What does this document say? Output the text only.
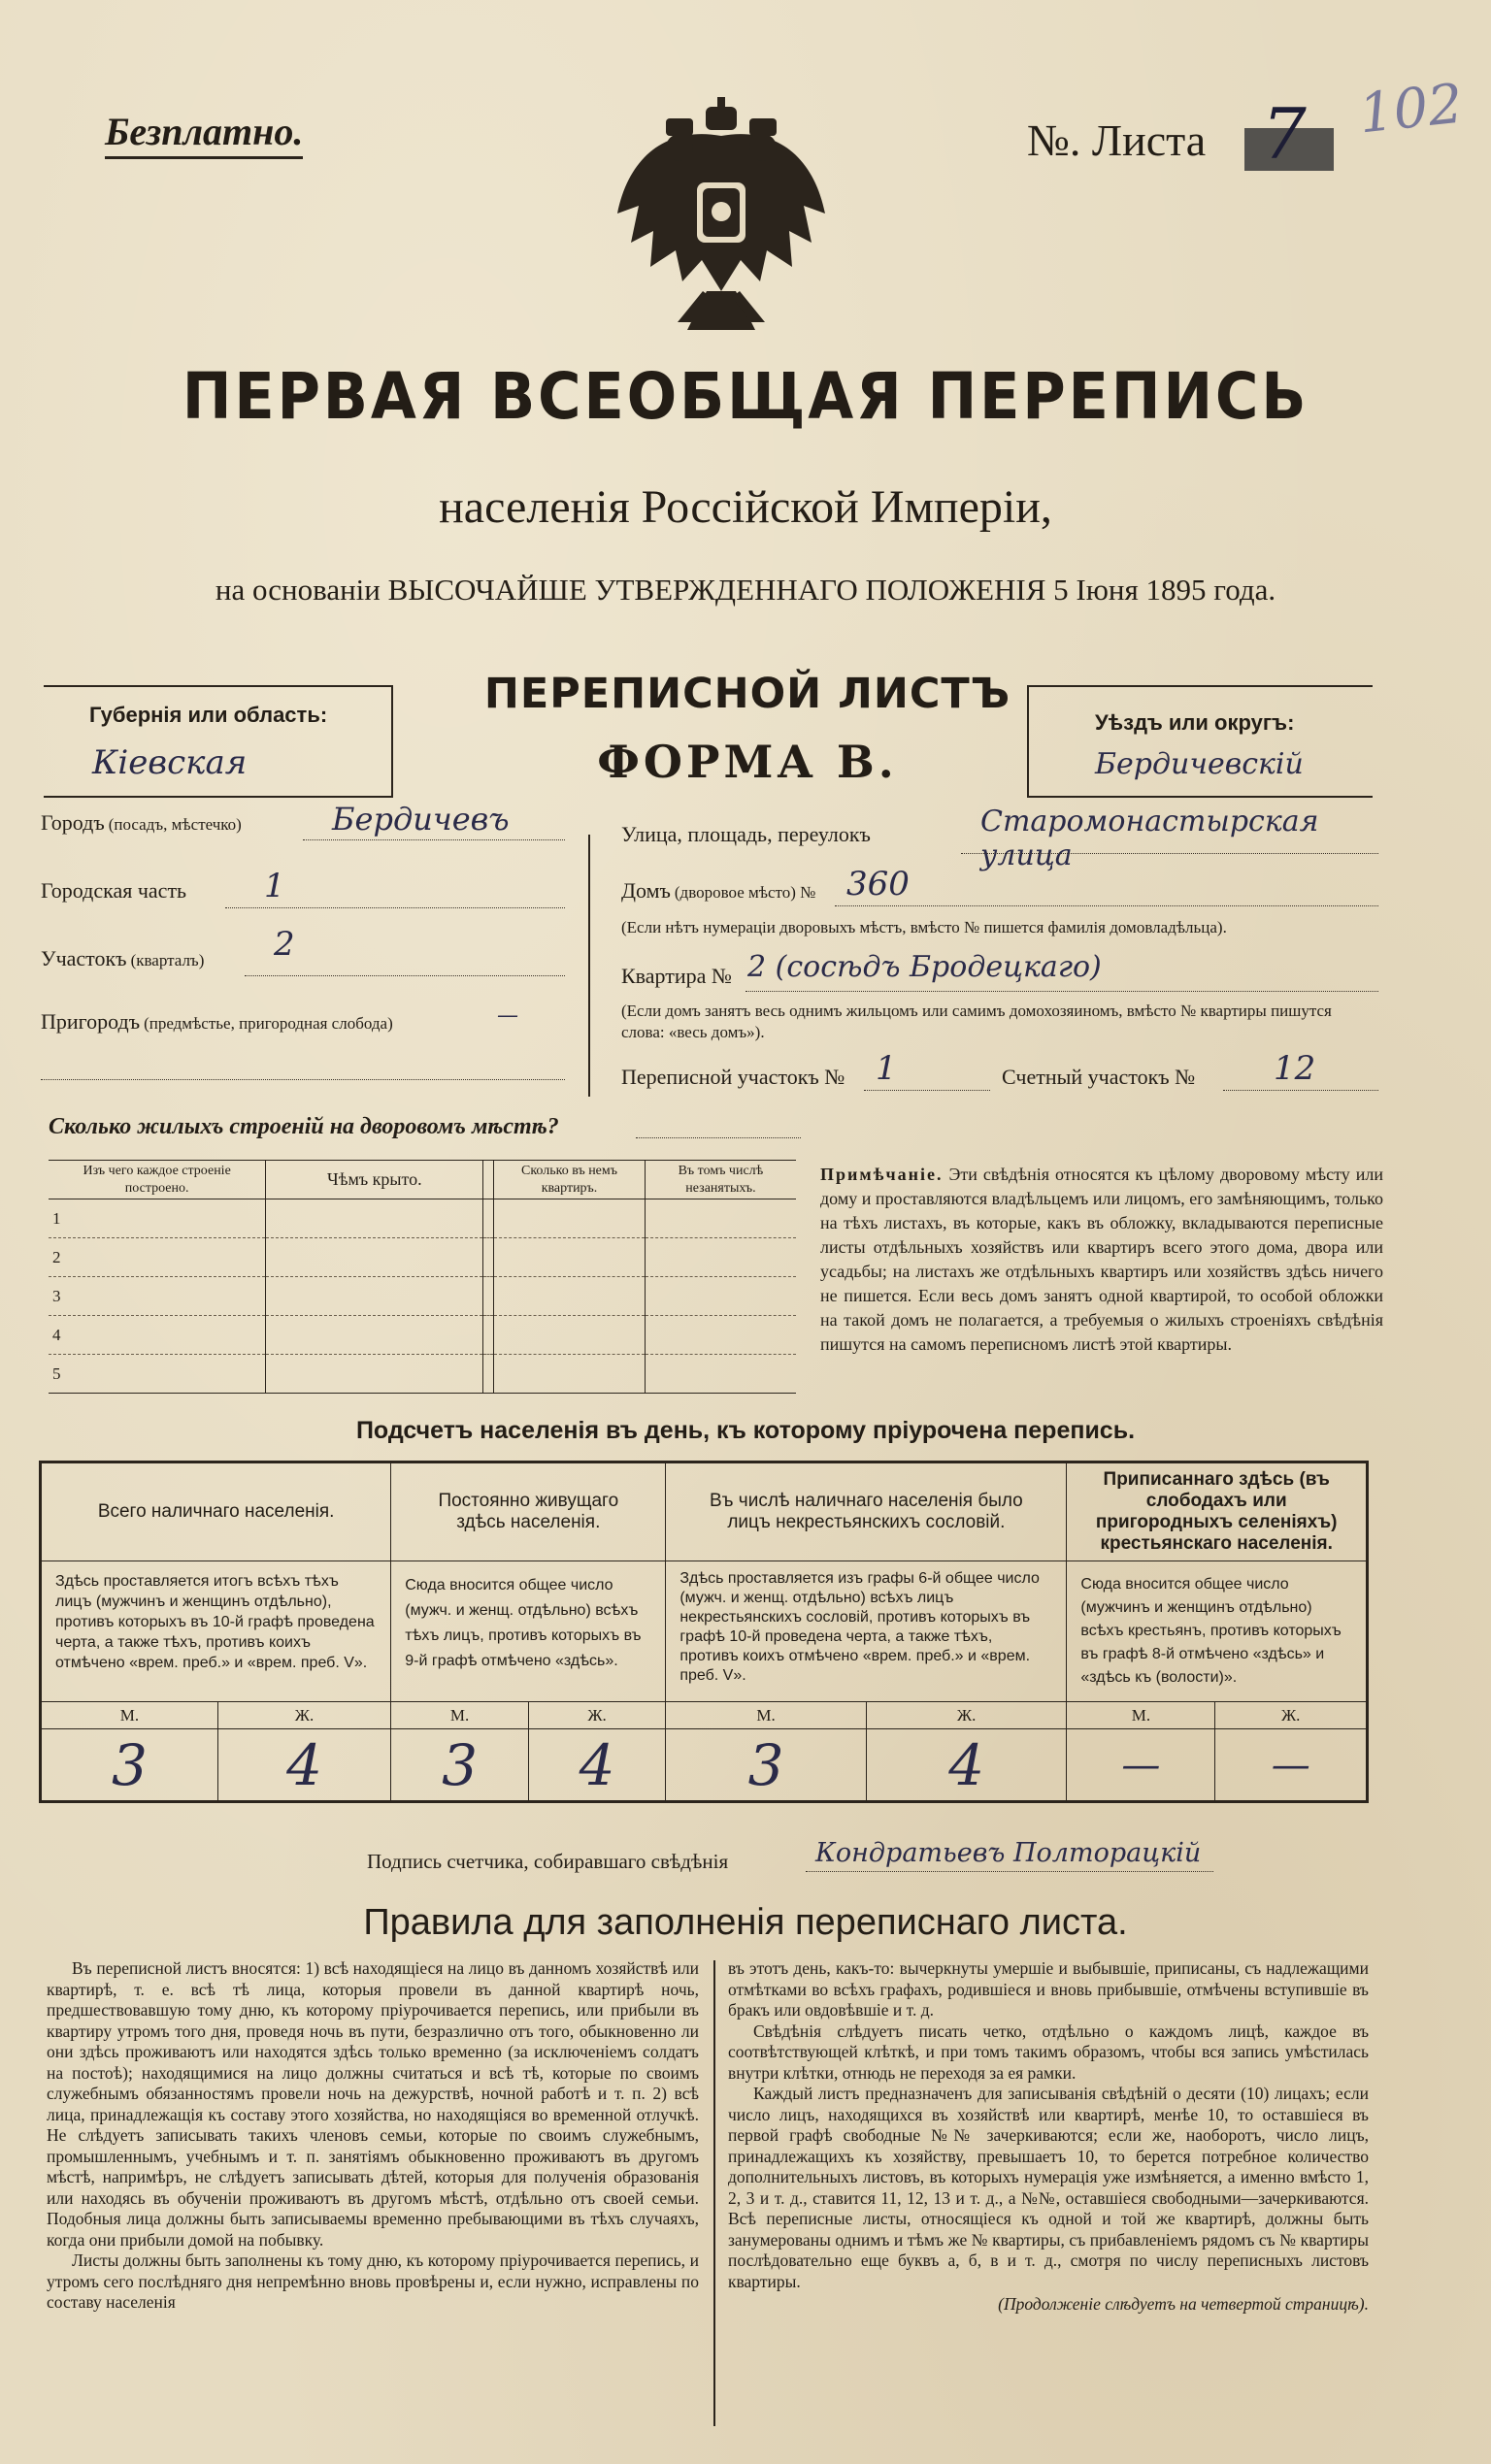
Безплатно.	№. Листа 7 102
ПЕРВАЯ ВСЕОБЩАЯ ПЕРЕПИСЬ
населенія Россійской Имперіи,
на основаніи ВЫСОЧАЙШЕ УТВЕРЖДЕННАГО ПОЛОЖЕНІЯ 5 Іюня 1895 года.
Губернія или область:
Кіевская
Уѣздъ или округъ:
Бердичевскій
ПЕРЕПИСНОЙ ЛИСТЪ
ФОРМА В.
Городъ (посадъ, мѣстечко)	Бердичевъ
Городская часть 1
Участокъ (кварталъ) 2
Пригородъ (предмѣстье, пригородная слобода)	—
Улица, площадь, переулокъ	Старомонастырская улица
Домъ (дворовое мѣсто) № 360
(Если нѣтъ нумераціи дворовыхъ мѣстъ, вмѣсто № пишется фамилія домовладѣльца).
Квартира № 2 (сосѣдъ Бродецкаго)
(Если домъ занятъ весь однимъ жильцомъ или самимъ домохозяиномъ, вмѣсто № квартиры пишутся слова: «весь домъ»).
Переписной участокъ № 1	Счетный участокъ № 12
Сколько жилыхъ строеній на дворовомъ мѣстѣ?
Изъ чего каждое строеніе построено.	Чѣмъ крыто.		Сколько въ немъ квартиръ.	Въ томъ числѣ незанятыхъ.
1				
2				
3				
4				
5				

Примѣчаніе. Эти свѣдѣнія относятся къ цѣлому дворовому мѣсту или дому и проставляются владѣльцемъ или лицомъ, его замѣняющимъ, только на тѣхъ листахъ, въ которые, какъ въ обложку, вкладываются переписные листы отдѣльныхъ хозяйствъ или квартиръ всего этого дома, двора или усадьбы; на листахъ же отдѣльныхъ квартиръ или хозяйствъ здѣсь ничего не пишется. Если весь домъ занятъ одной квартирой, то особой обложки на такой домъ не полагается, а требуемыя о жилыхъ строеніяхъ свѣдѣнія пишутся на самомъ переписномъ листѣ этой квартиры.

Подсчетъ населенія въ день, къ которому пріурочена перепись.
Всего наличнаго населенія.		Постоянно живущаго здѣсь населенія.		Въ числѣ наличнаго населенія было лицъ некрестьянскихъ сословій.		Приписаннаго здѣсь (въ слободахъ или пригородныхъ селеніяхъ) крестьянскаго населенія.	
Здѣсь проставляется итогъ всѣхъ тѣхъ лицъ (мужчинъ и женщинъ отдѣльно), противъ которыхъ въ 10-й графѣ проведена черта, а также тѣхъ, противъ коихъ отмѣчено «врем. преб.» и «врем. преб. V».		Сюда вносится общее число (мужч. и женщ. отдѣльно) всѣхъ тѣхъ лицъ, противъ которыхъ въ 9-й графѣ отмѣчено «здѣсь».		Здѣсь проставляется изъ графы 6-й общее число (мужч. и женщ. отдѣльно) всѣхъ лицъ некрестьянскихъ сословій, противъ которыхъ въ графѣ 10-й проведена черта, а также тѣхъ, противъ коихъ отмѣчено «врем. преб.» и «врем. преб. V».		Сюда вносится общее число (мужчинъ и женщинъ отдѣльно) всѣхъ крестьянъ, противъ которыхъ въ графѣ 8-й отмѣчено «здѣсь» и «здѣсь къ (волости)».	
М.	Ж.	М.	Ж.	М.	Ж.	М.	Ж.
3	4	3	4	3	4	—	—
Подпись счетчика, собиравшаго свѣдѣнія	Кондратьевъ Полторацкій
Правила для заполненія переписнаго листа.

Въ переписной листъ вносятся: 1) всѣ находящіеся на лицо въ данномъ хозяйствѣ или квартирѣ, т. е. всѣ тѣ лица, которыя провели въ данной квартирѣ ночь, предшествовавшую тому дню, къ которому пріурочивается перепись, или прибыли въ квартиру утромъ того дня, проведя ночь въ пути, безразлично отъ того, обыкновенно ли они здѣсь проживаютъ или находятся здѣсь только временно (за исключеніемъ солдатъ на постоѣ); находящимися на лицо должны считаться и всѣ тѣ, которые по своимъ служебнымъ обязанностямъ провели ночь на дежурствѣ, ночной работѣ и т. п. 2) всѣ лица, принадлежащія къ составу этого хозяйства, но находящіяся во временной отлучкѣ. Не слѣдуетъ записывать такихъ членовъ семьи, которые по своимъ служебнымъ, промышленнымъ, учебнымъ и т. п. занятіямъ обыкновенно проживаютъ въ другомъ мѣстѣ, напримѣръ, не слѣдуетъ записывать дѣтей, которыя для полученія образованія или находясь въ обученіи проживаютъ въ другомъ мѣстѣ, отдѣльно отъ своей семьи. Подобныя лица должны быть записываемы временно пребывающими въ тѣхъ случаяхъ, когда они прибыли домой на побывку.

Листы должны быть заполнены къ тому дню, къ которому пріурочивается перепись, и утромъ сего послѣдняго дня непремѣнно вновь провѣрены и, если нужно, исправлены по составу населенія

въ этотъ день, какъ-то: вычеркнуты умершіе и выбывшіе, приписаны, съ надлежащими отмѣтками во всѣхъ графахъ, родившіеся и вновь прибывшіе, отмѣчены вступившіе въ бракъ или овдовѣвшіе и т. д.

Свѣдѣнія слѣдуетъ писать четко, отдѣльно о каждомъ лицѣ, каждое въ соотвѣтствующей клѣткѣ, и при томъ такимъ образомъ, чтобы вся запись умѣстилась внутри клѣтки, отнюдь не переходя за ея рамки.

Каждый листъ предназначенъ для записыванія свѣдѣній о десяти (10) лицахъ; если число лицъ, находящихся въ хозяйствѣ или квартирѣ, менѣе 10, то оставшіеся въ первой графѣ свободные №№ зачеркиваются; если же, наоборотъ, число лицъ, принадлежащихъ къ хозяйству, превышаетъ 10, то берется потребное количество дополнительныхъ листовъ, въ которыхъ нумерація уже измѣняется, а именно вмѣсто 1, 2, 3 и т. д., ставится 11, 12, 13 и т. д., а №№, оставшіеся свободными—зачеркиваются. Всѣ переписные листы, относящіеся къ одной и той же квартирѣ, должны быть занумерованы однимъ и тѣмъ же № квартиры, съ прибавленіемъ рядомъ съ № квартиры послѣдовательно еще буквъ а, б, в и т. д., смотря по числу переписныхъ листовъ квартиры.

(Продолженіе слѣдуетъ на четвертой страницѣ).
